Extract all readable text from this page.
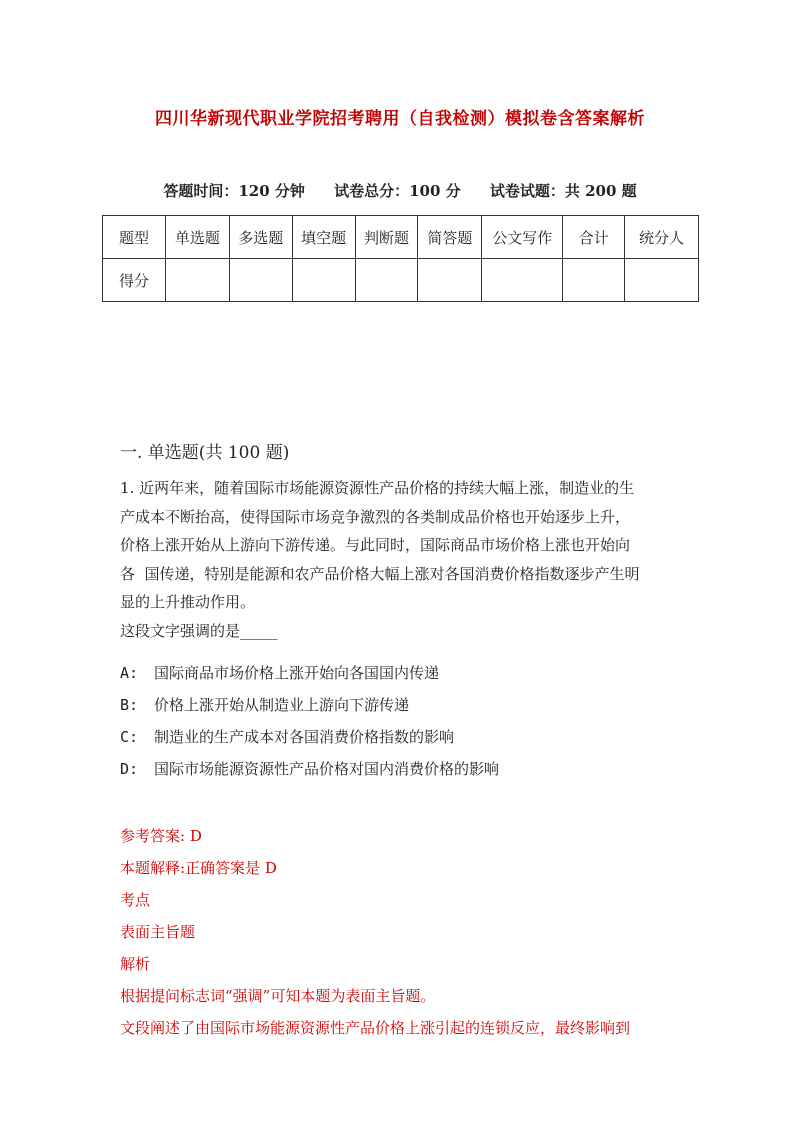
四川华新现代职业学院招考聘用（自我检测）模拟卷含答案解析
答题时间：120 分钟 试卷总分：100 分 试卷试题：共 200 题
题型	单选题	多选题	填空题	判断题	简答题	公文写作	合计	统分人
得分								
一. 单选题(共 100 题)

1. 近两年来，随着国际市场能源资源性产品价格的持续大幅上涨，制造业的生

产成本不断抬高，使得国际市场竞争激烈的各类制成品价格也开始逐步上升，

价格上涨开始从上游向下游传递。与此同时，国际商品市场价格上涨也开始向

各  国传递，特别是能源和农产品价格大幅上涨对各国消费价格指数逐步产生明

显的上升推动作用。

这段文字强调的是_____

A: 国际商品市场价格上涨开始向各国国内传递
B: 价格上涨开始从制造业上游向下游传递
C: 制造业的生产成本对各国消费价格指数的影响
D: 国际市场能源资源性产品价格对国内消费价格的影响

参考答案: D

本题解释:正确答案是 D

考点

表面主旨题

解析

根据提问标志词“强调”可知本题为表面主旨题。

文段阐述了由国际市场能源资源性产品价格上涨引起的连锁反应，最终影响到
